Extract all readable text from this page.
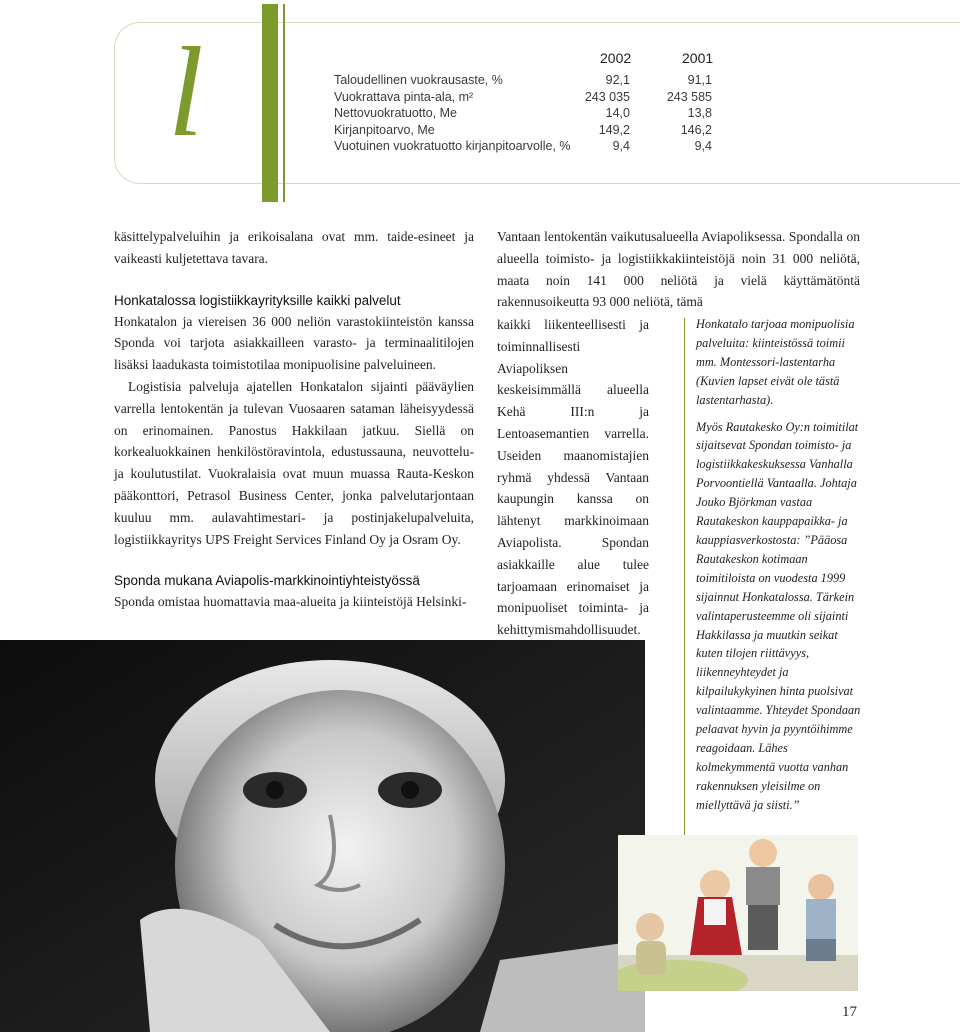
l	2002	2001
Taloudellinen vuokrausaste, %	92,1	91,1
Vuokrattava pinta-ala, m²	243 035	243 585
Nettovuokratuotto, Me	14,0	13,8
Kirjanpitoarvo, Me	149,2	146,2
Vuotuinen vuokratuotto kirjanpitoarvolle, %	9,4	9,4

käsittelypalveluihin ja erikoisalana ovat mm. taide-esineet ja vaikeasti kuljetettava tavara.

Honkatalossa logistiikkayrityksille kaikki palvelut

Honkatalon ja viereisen 36 000 neliön varastokiinteistön kanssa Sponda voi tarjota asiakkailleen varasto- ja terminaalitilojen lisäksi laadukasta toimistotilaa monipuolisine palveluineen.

Logistisia palveluja ajatellen Honkatalon sijainti pääväylien varrella lentokentän ja tulevan Vuosaaren sataman läheisyydessä on erinomainen. Panostus Hakkilaan jatkuu. Siellä on korkealuokkainen henkilöstöravintola, edustussauna, neuvottelu- ja koulutustilat. Vuokralaisia ovat muun muassa Rauta-Keskon pääkonttori, Petrasol Business Center, jonka palvelutarjontaan kuuluu mm. aulavahtimestari- ja postinjakelupalveluita, logistiikkayritys UPS Freight Services Finland Oy ja Osram Oy.

Sponda mukana Aviapolis-markkinointiyhteistyössä

Sponda omistaa huomattavia maa-alueita ja kiinteistöjä Helsinki-

Vantaan lentokentän vaikutusalueella Aviapoliksessa. Spondalla on alueella toimisto- ja logistiikkakiinteistöjä noin 31 000 neliötä, maata noin 141 000 neliötä ja vielä käyttämätöntä rakennusoikeutta 93 000 neliötä, tämä

kaikki liikenteellisesti ja toiminnallisesti Aviapoliksen keskeisimmällä alueella Kehä III:n ja Lentoasemantien varrella. Useiden maanomistajien ryhmä yhdessä Vantaan kaupungin kanssa on lähtenyt markkinoimaan Aviapolista. Spondan asiakkaille alue tulee tarjoamaan erinomaiset ja monipuoliset toiminta- ja kehittymismahdollisuudet.

Honkatalo tarjoaa monipuolisia palveluita: kiinteistössä toimii mm. Montessori-lastentarha (Kuvien lapset eivät ole tästä lastentarhasta).

Myös Rautakesko Oy:n toimitilat sijaitsevat Spondan toimisto- ja logistiikkakeskuksessa Vanhalla Porvoontiellä Vantaalla. Johtaja Jouko Björkman vastaa Rautakeskon kauppapaikka- ja kauppiasverkostosta: ”Pääosa Rautakeskon kotimaan toimitiloista on vuodesta 1999 sijainnut Honkatalossa. Tärkein valintaperusteemme oli sijainti Hakkilassa ja muutkin seikat kuten tilojen riittävyys, liikenneyhteydet ja kilpailukykyinen hinta puolsivat valintaamme. Yhteydet Spondaan pelaavat hyvin ja pyyntöihimme reagoidaan. Lähes kolmekymmentä vuotta vanhan rakennuksen yleisilme on miellyttävä ja siisti.”

17
